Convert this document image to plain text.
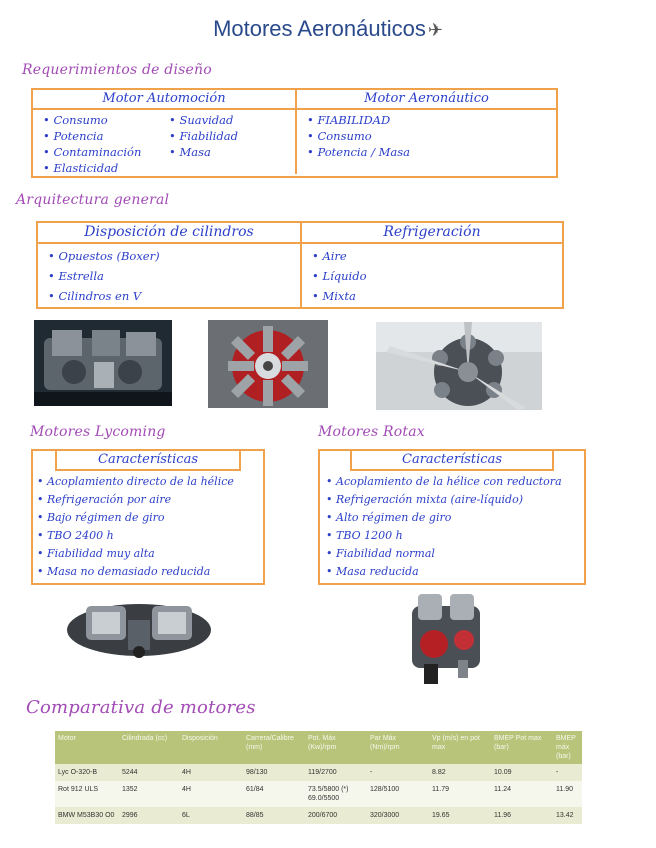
Motores Aeronáuticos ✈
Requerimientos de diseño
Motor Automoción	Motor Aeronáutico
• Consumo
• Potencia
• Contaminación
• Elasticidad
• Suavidad
• Fiabilidad
• Masa
• FIABILIDAD
• Consumo
• Potencia / Masa
Arquitectura general
Disposición de cilindros	Refrigeración
• Opuestos (Boxer)
• Estrella
• Cilindros en V
• Aire
• Líquido
• Mixta
Motores Lycoming
Características
• Acoplamiento directo de la hélice
• Refrigeración por aire
• Bajo régimen de giro
• TBO 2400 h
• Fiabilidad muy alta
• Masa no demasiado reducida
Motores Rotax
Características
• Acoplamiento de la hélice con reductora
• Refrigeración mixta (aire-líquido)
• Alto régimen de giro
• TBO 1200 h
• Fiabilidad normal
• Masa reducida
Comparativa de motores
Motor	Cilindrada (cc)	Disposición	Carrera/Calibre (mm)	Pot. Máx (Kw)/rpm	Par Máx (Nm)/rpm	Vp (m/s) en pot max	BMEP Pot max (bar)	BMEP máx (bar)
Lyc O-320-B	5244	4H	98/130	119/2700	-	8.82	10.09	-
Rot 912 ULS	1352	4H	61/84	73.5/5800 (*) 69.0/5500	128/5100	11.79	11.24	11.90
BMW M53B30 O0	2996	6L	88/85	200/6700	320/3000	19.65	11.96	13.42
